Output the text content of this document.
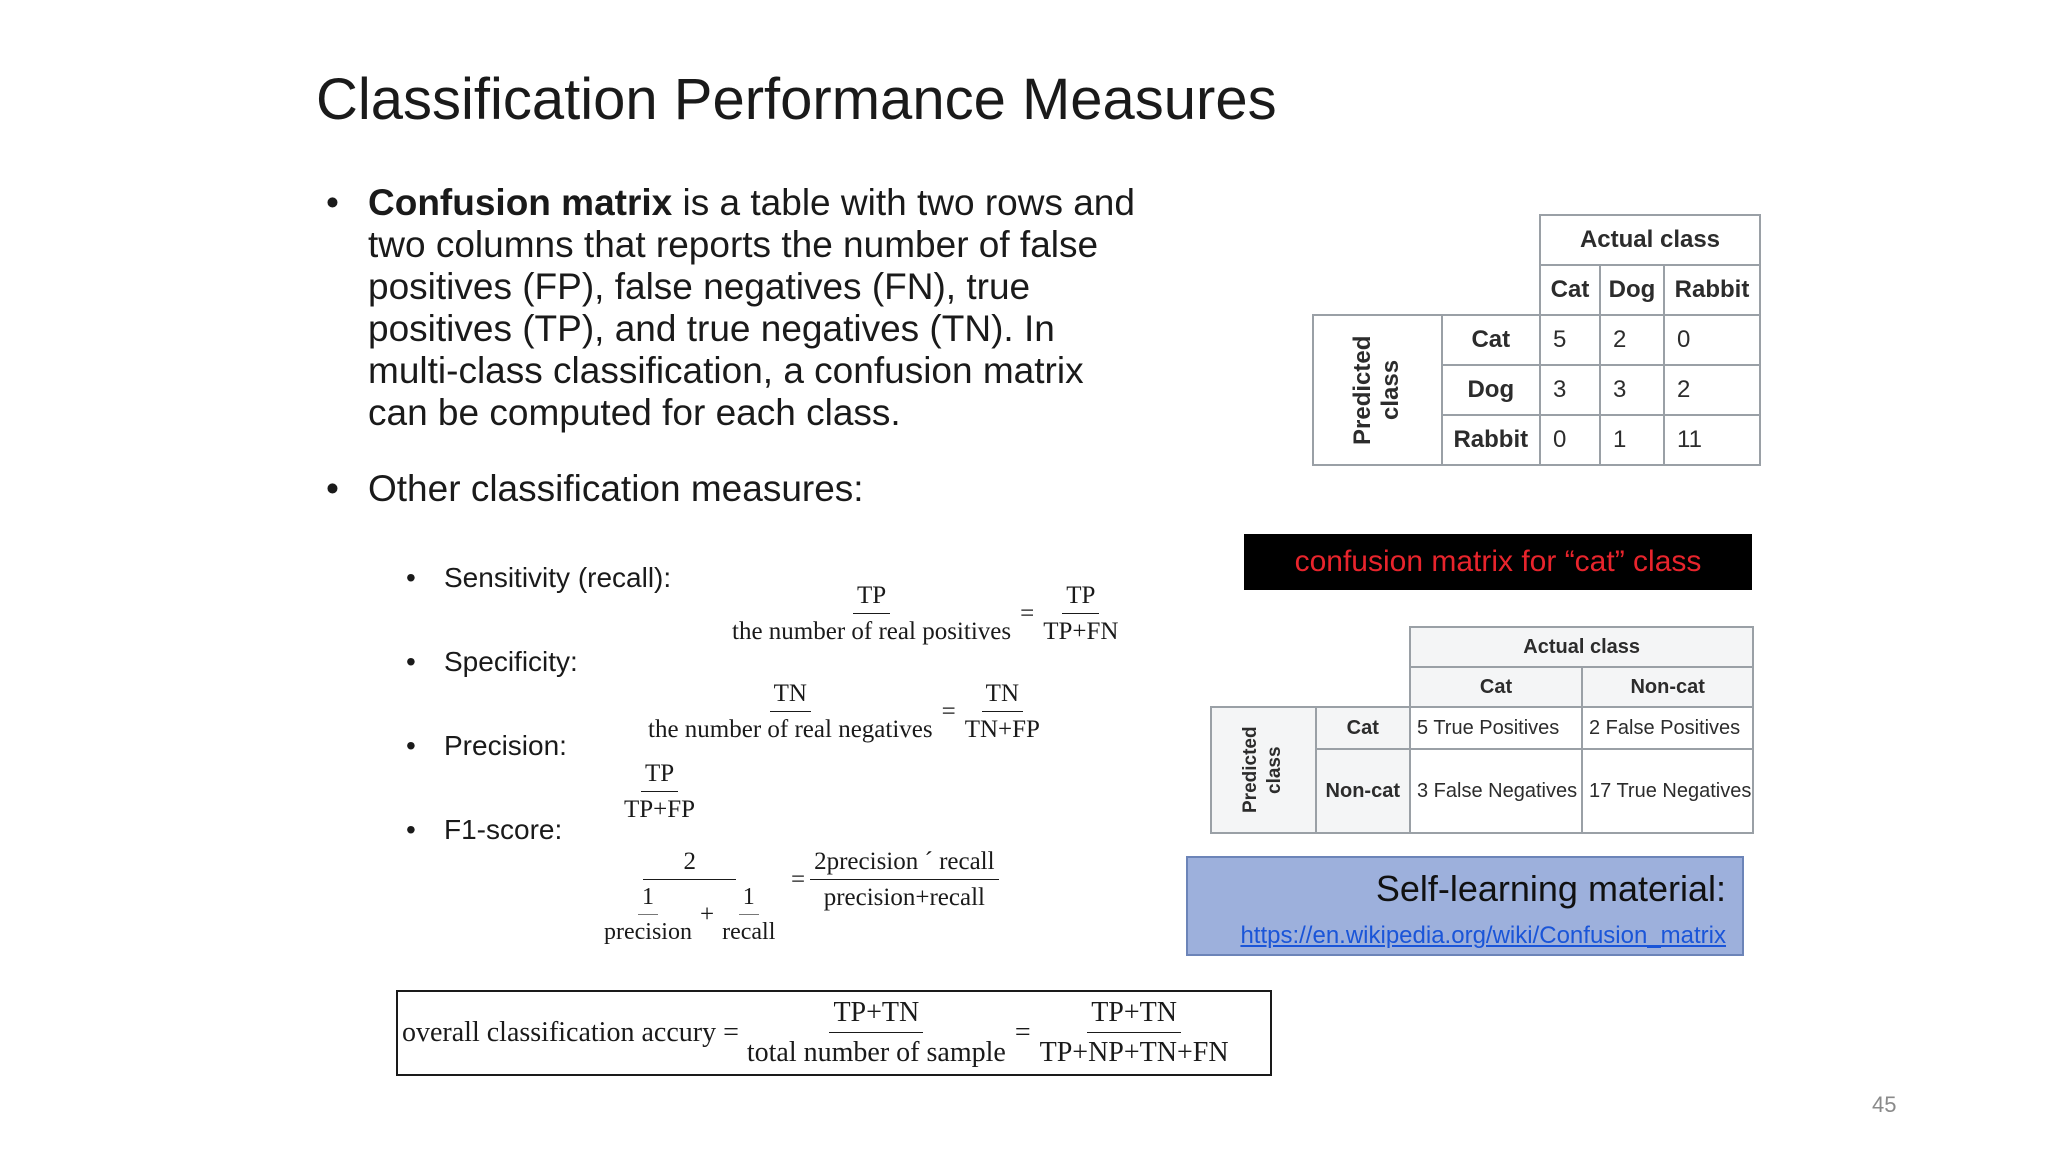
Classification Performance Measures
• Confusion matrix is a table with two rows and
two columns that reports the number of false
positives (FP), false negatives (FN), true
positives (TP), and true negatives (TN). In
multi-class classification, a confusion matrix
can be computed for each class.
• Other classification measures:
• Sensitivity (recall):
• Specificity:
• Precision:
• F1-score:
$\frac{TP}{\text{the number of real positives}} = \frac{TP}{TP+FN}$
$\frac{TN}{\text{the number of real negatives}} = \frac{TN}{TN+FP}$
$\frac{TP}{TP+FP}$
2
$\frac{1}{\text{precision}} + \frac{1}{\text{recall}}$
= $\frac{\text{2precision ´ recall}}{\text{precision+recall}}$
		Actual class		
		Cat	Dog	Rabbit

Predicted class	Cat	5	2	0
	Dog	3	3	2
	Rabbit	0	1	11
confusion matrix for “cat” class
		Actual class	
		Cat	Non-cat

Predicted class	Cat	5 True Positives	2 False Positives
	Non-cat	3 False Negatives	17 True Negatives
Self-learning material:
https://en.wikipedia.org/wiki/Confusion_matrix
overall classification accury = $\frac{TP+TN}{\text{total number of sample}} = \frac{TP+TN}{TP+NP+TN+FN}$
45
